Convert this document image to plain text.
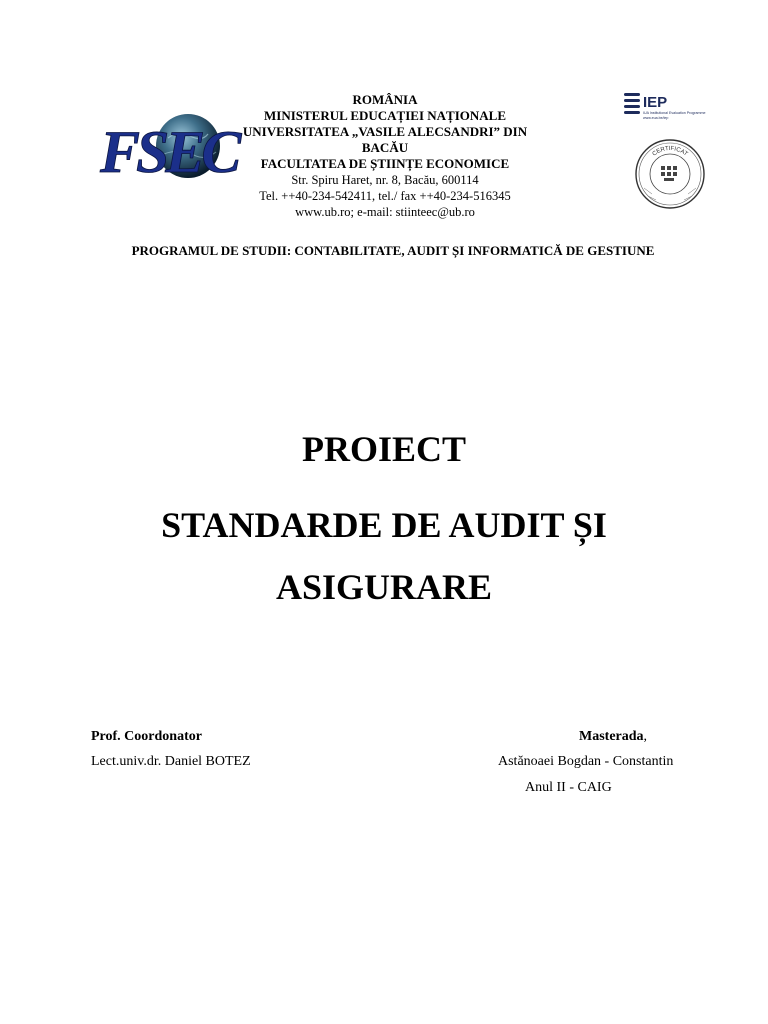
FSEC
IEP
IUA Institutional Evaluation Programme
www.eua.be/iep
CERTIFICAT
ROMÂNIA
MINISTERUL EDUCAȚIEI NAȚIONALE
UNIVERSITATEA „VASILE ALECSANDRI” DIN BACĂU
FACULTATEA DE ȘTIINȚE ECONOMICE
Str. Spiru Haret, nr. 8, Bacău, 600114
Tel. ++40-234-542411, tel./ fax ++40-234-516345
www.ub.ro; e-mail: stiinteec@ub.ro
PROGRAMUL DE STUDII: CONTABILITATE, AUDIT ȘI INFORMATICĂ DE GESTIUNE
PROIECT
STANDARDE DE AUDIT ȘI
ASIGURARE
Prof. Coordonator
Lect.univ.dr. Daniel BOTEZ
Masterada,
Astănoaei Bogdan - Constantin
Anul II - CAIG
